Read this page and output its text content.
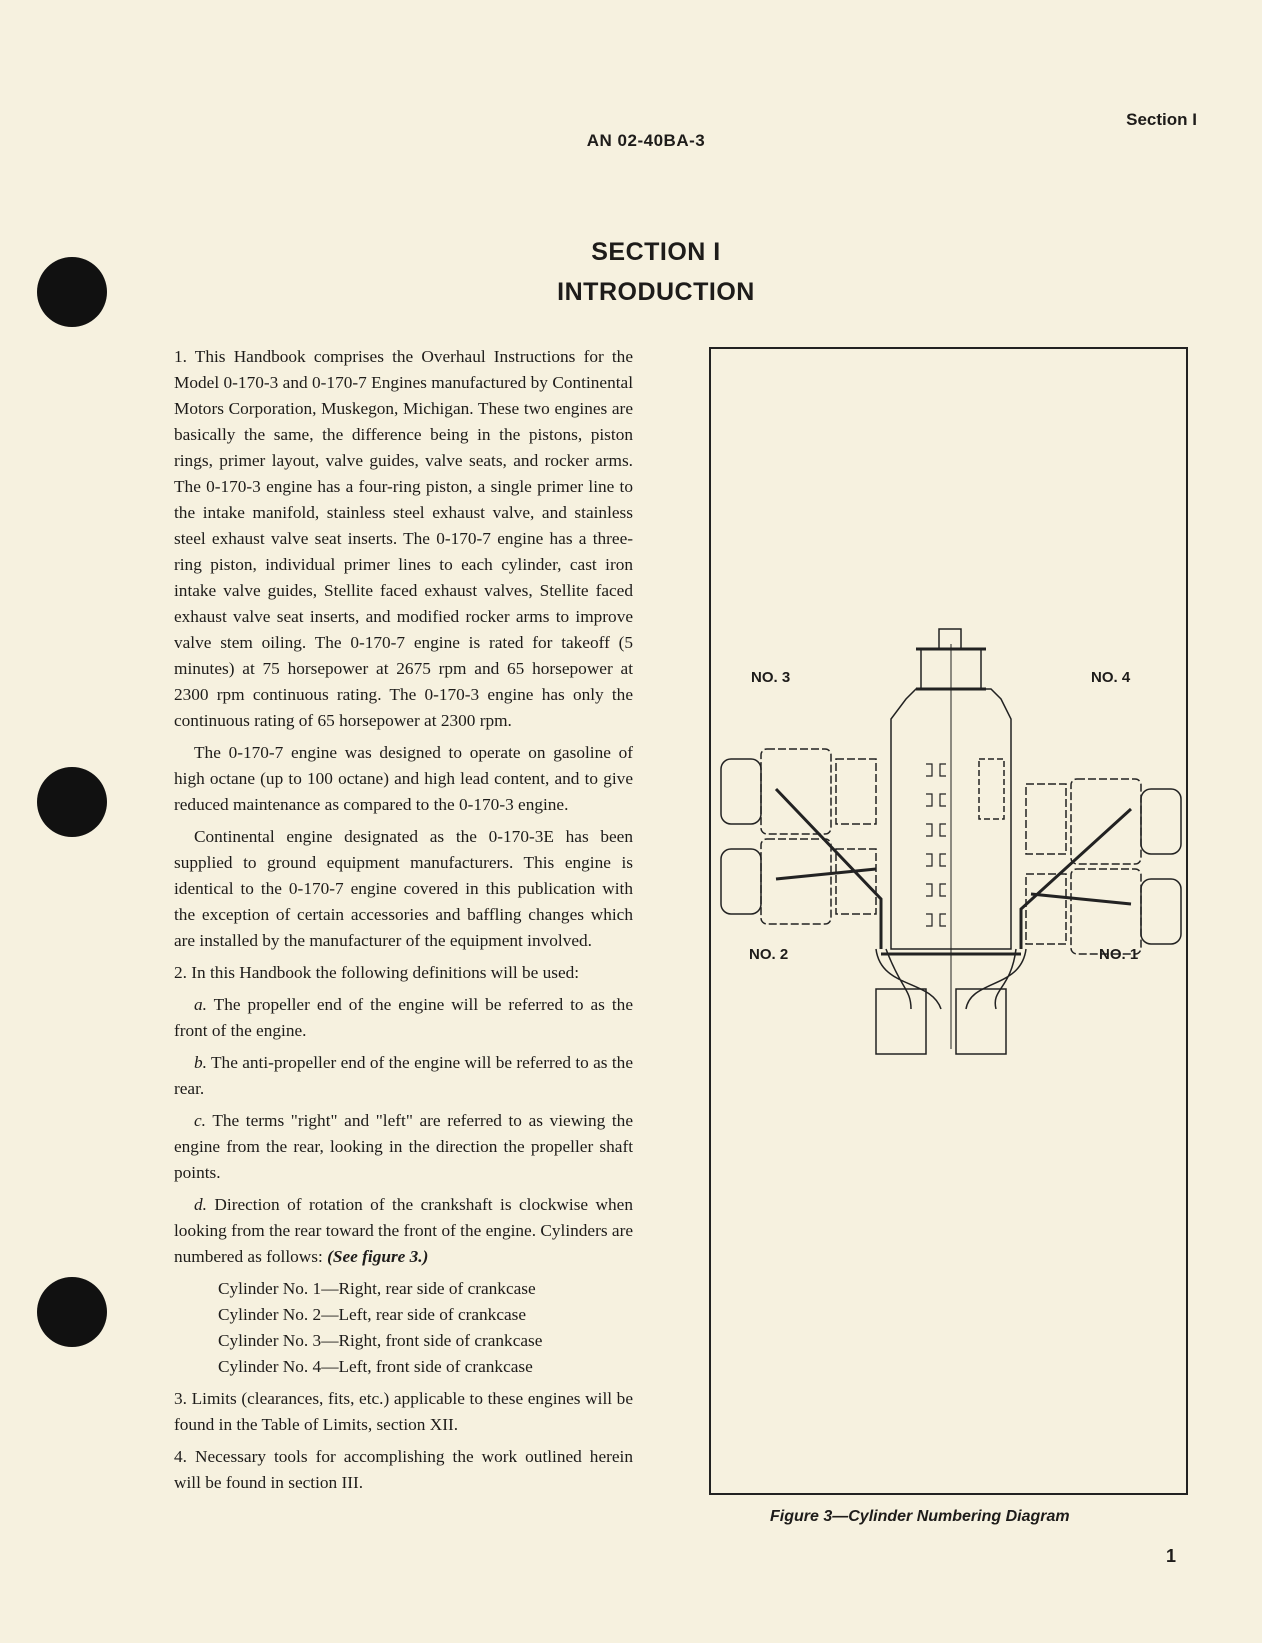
Section I
AN 02-40BA-3
SECTION I
INTRODUCTION

1. This Handbook comprises the Overhaul Instructions for the Model 0-170-3 and 0-170-7 Engines manufactured by Continental Motors Corporation, Muskegon, Michigan. These two engines are basically the same, the difference being in the pistons, piston rings, primer layout, valve guides, valve seats, and rocker arms. The 0-170-3 engine has a four-ring piston, a single primer line to the intake manifold, stainless steel exhaust valve, and stainless steel exhaust valve seat inserts. The 0-170-7 engine has a three-ring piston, individual primer lines to each cylinder, cast iron intake valve guides, Stellite faced exhaust valves, Stellite faced exhaust valve seat inserts, and modified rocker arms to improve valve stem oiling. The 0-170-7 engine is rated for takeoff (5 minutes) at 75 horsepower at 2675 rpm and 65 horsepower at 2300 rpm continuous rating. The 0-170-3 engine has only the continuous rating of 65 horsepower at 2300 rpm.

The 0-170-7 engine was designed to operate on gasoline of high octane (up to 100 octane) and high lead content, and to give reduced maintenance as compared to the 0-170-3 engine.

Continental engine designated as the 0-170-3E has been supplied to ground equipment manufacturers. This engine is identical to the 0-170-7 engine covered in this publication with the exception of certain accessories and baffling changes which are installed by the manufacturer of the equipment involved.

2. In this Handbook the following definitions will be used:

a. The propeller end of the engine will be referred to as the front of the engine.

b. The anti-propeller end of the engine will be referred to as the rear.

c. The terms "right" and "left" are referred to as viewing the engine from the rear, looking in the direction the propeller shaft points.

d. Direction of rotation of the crankshaft is clockwise when looking from the rear toward the front of the engine. Cylinders are numbered as follows: (See figure 3.)

Cylinder No. 1—Right, rear side of crankcase

Cylinder No. 2—Left, rear side of crankcase

Cylinder No. 3—Right, front side of crankcase

Cylinder No. 4—Left, front side of crankcase

3. Limits (clearances, fits, etc.) applicable to these engines will be found in the Table of Limits, section XII.

4. Necessary tools for accomplishing the work outlined herein will be found in section III.

NO. 3	NO. 4
NO. 2	NO. 1
Figure 3—Cylinder Numbering Diagram
1
